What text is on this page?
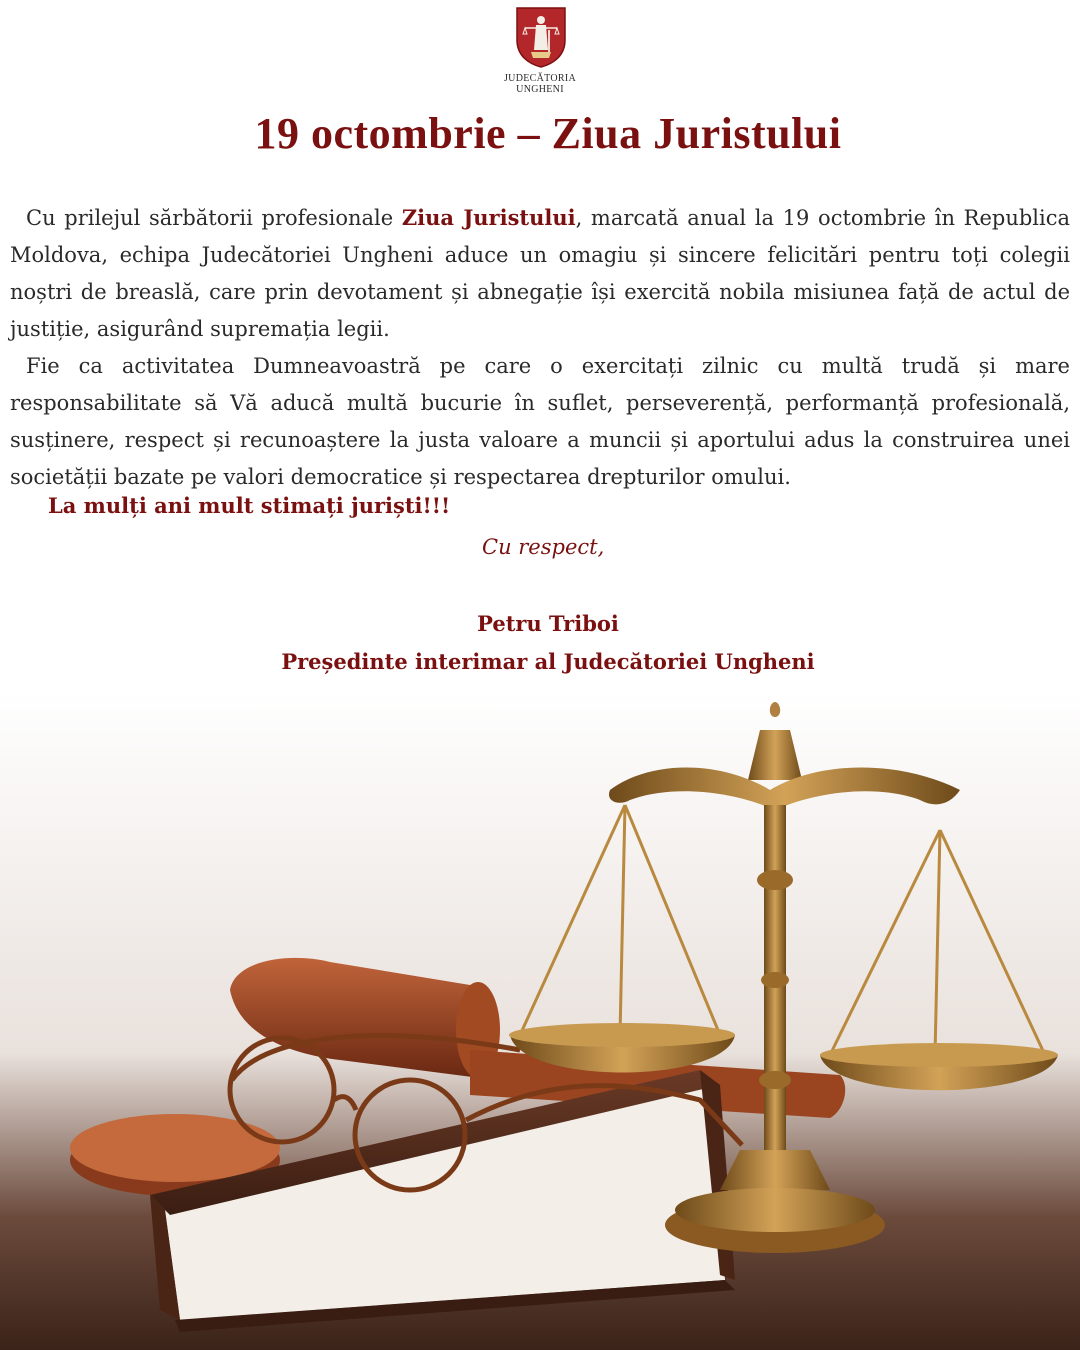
JUDECĂTORIA
UNGHENI
19 octombrie – Ziua Juristului

Cu prilejul sărbătorii profesionale Ziua Juristului, marcată anual la 19 octombrie în Republica Moldova, echipa Judecătoriei Ungheni aduce un omagiu și sincere felicitări pentru toți colegii noștri de breaslă, care prin devotament și abnegație își exercită nobila misiunea față de actul de justiție, asigurând supremația legii.

Fie ca activitatea Dumneavoastră pe care o exercitați zilnic cu multă trudă și mare responsabilitate să Vă aducă multă bucurie în suflet, perseverență, performanță profesională, susținere, respect și recunoaștere la justa valoare a muncii și aportului adus la construirea unei societății bazate pe valori democratice și respectarea drepturilor omului.

La mulți ani mult stimați juriști!!!
Cu respect,
Petru Triboi
Președinte interimar al Judecătoriei Ungheni
